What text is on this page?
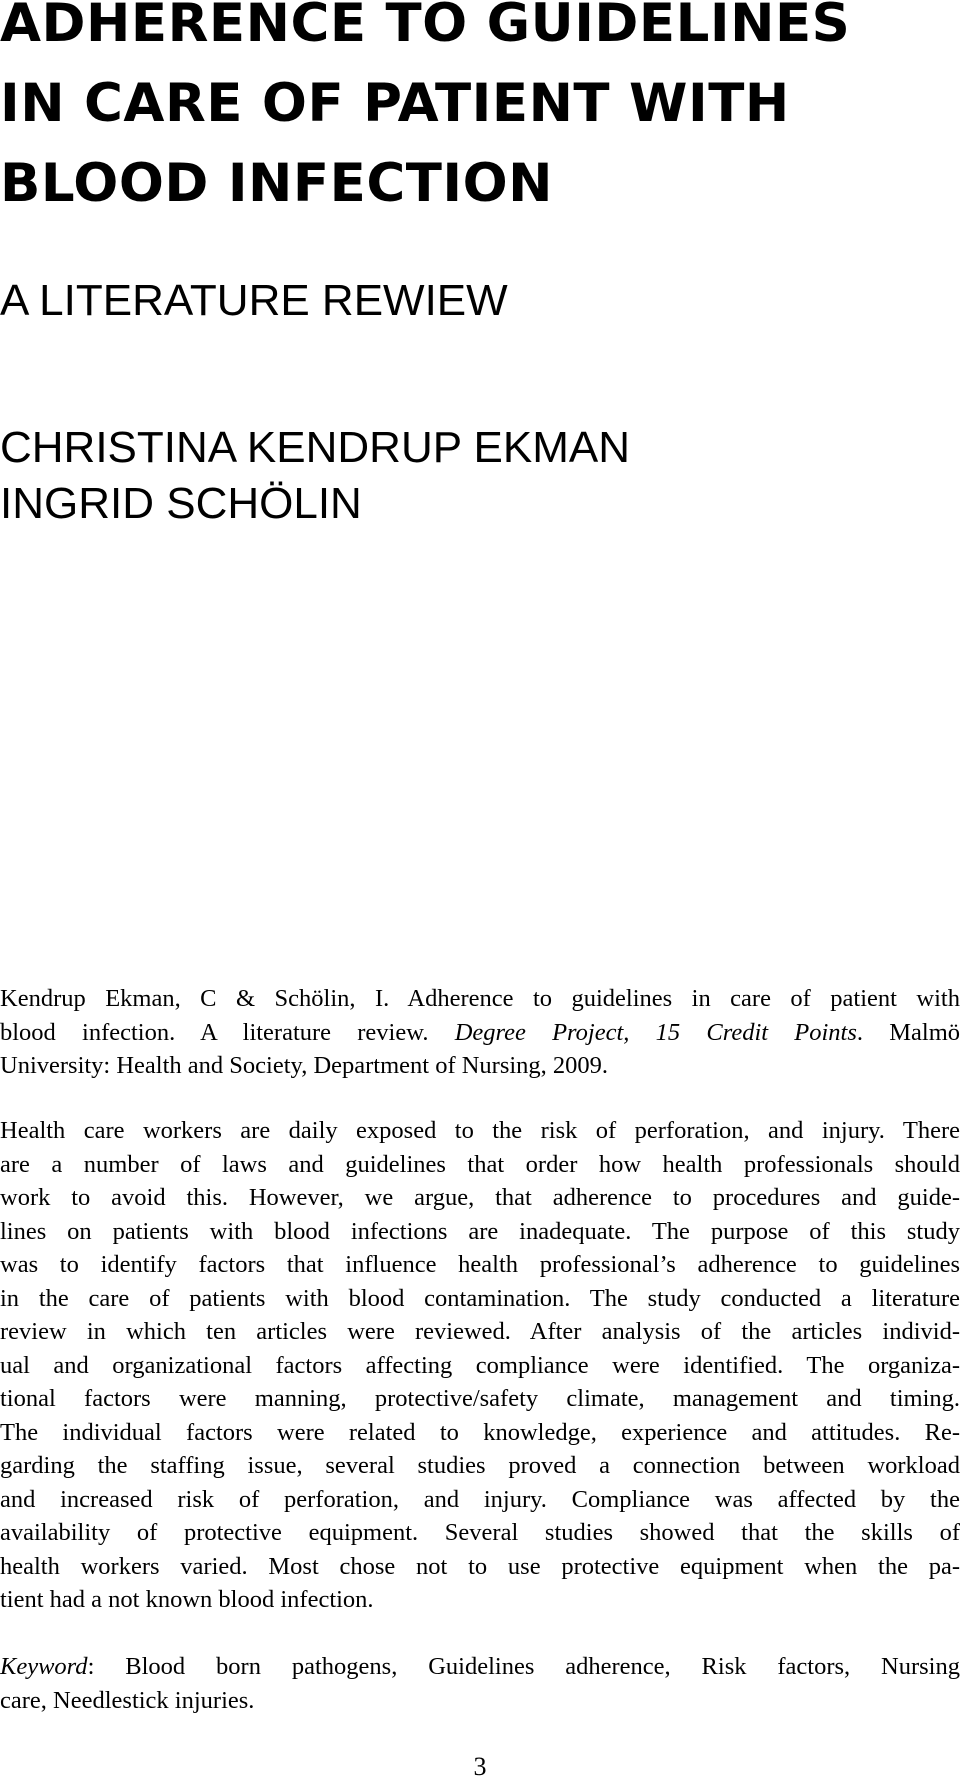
ADHERENCE TO GUIDELINES
IN CARE OF PATIENT WITH
BLOOD INFECTION
A LITERATURE REWIEW
CHRISTINA KENDRUP EKMAN
INGRID SCHÖLIN

Kendrup Ekman, C & Schölin, I. Adherence to guidelines in care of patient with
blood infection. A literature review. Degree Project, 15 Credit Points. Malmö
University: Health and Society, Department of Nursing, 2009.

Health care workers are daily exposed to the risk of perforation, and injury. There
are a number of laws and guidelines that order how health professionals should
work to avoid this. However, we argue, that adherence to procedures and guide-
lines on patients with blood infections are inadequate. The purpose of this study
was to identify factors that influence health professional’s adherence to guidelines
in the care of patients with blood contamination. The study conducted a literature
review in which ten articles were reviewed. After analysis of the articles individ-
ual and organizational factors affecting compliance were identified. The organiza-
tional factors were manning, protective/safety climate, management and timing.
The individual factors were related to knowledge, experience and attitudes. Re-
garding the staffing issue, several studies proved a connection between workload
and increased risk of perforation, and injury. Compliance was affected by the
availability of protective equipment. Several studies showed that the skills of
health workers varied. Most chose not to use protective equipment when the pa-
tient had a not known blood infection.

Keyword: Blood born pathogens, Guidelines adherence, Risk factors, Nursing
care, Needlestick injuries.

3
